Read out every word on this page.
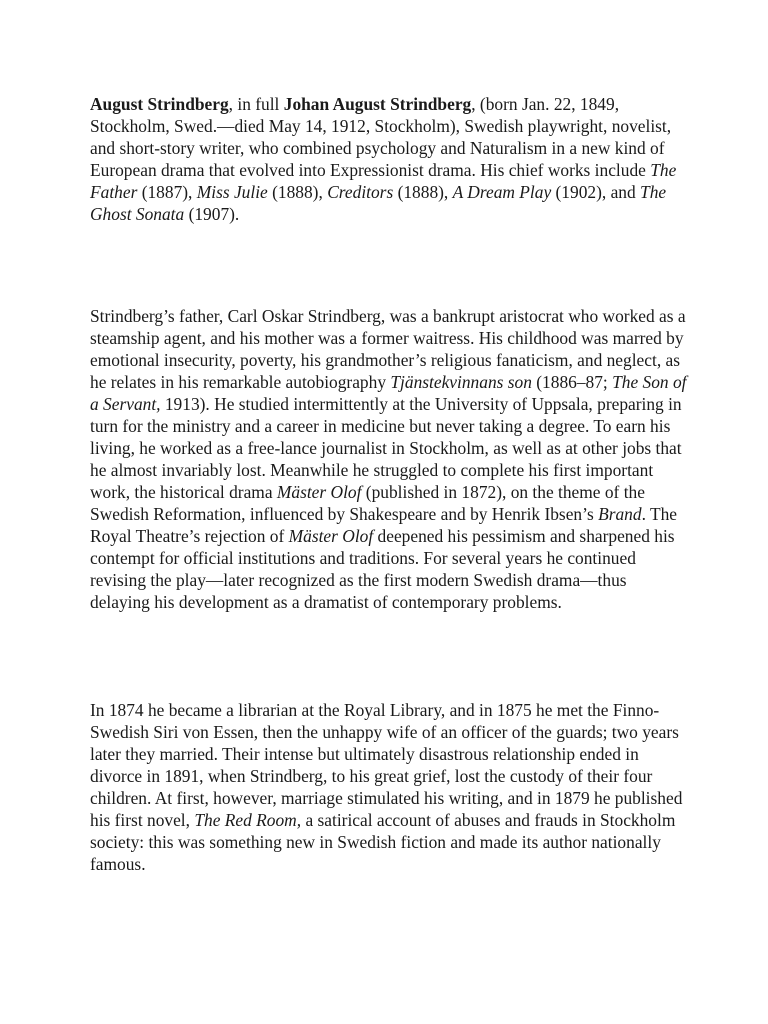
August Strindberg, in full Johan August Strindberg, (born Jan. 22, 1849, Stockholm, Swed.—died May 14, 1912, Stockholm), Swedish playwright, novelist, and short-story writer, who combined psychology and Naturalism in a new kind of European drama that evolved into Expressionist drama. His chief works include The Father (1887), Miss Julie (1888), Creditors (1888), A Dream Play (1902), and The Ghost Sonata (1907).

Strindberg’s father, Carl Oskar Strindberg, was a bankrupt aristocrat who worked as a steamship agent, and his mother was a former waitress. His childhood was marred by emotional insecurity, poverty, his grandmother’s religious fanaticism, and neglect, as he relates in his remarkable autobiography Tjänstekvinnans son (1886–87; The Son of a Servant, 1913). He studied intermittently at the University of Uppsala, preparing in turn for the ministry and a career in medicine but never taking a degree. To earn his living, he worked as a free-lance journalist in Stockholm, as well as at other jobs that he almost invariably lost. Meanwhile he struggled to complete his first important work, the historical drama Mäster Olof (published in 1872), on the theme of the Swedish Reformation, influenced by Shakespeare and by Henrik Ibsen’s Brand. The Royal Theatre’s rejection of Mäster Olof deepened his pessimism and sharpened his contempt for official institutions and traditions. For several years he continued revising the play—later recognized as the first modern Swedish drama—thus delaying his development as a dramatist of contemporary problems.

In 1874 he became a librarian at the Royal Library, and in 1875 he met the Finno-Swedish Siri von Essen, then the unhappy wife of an officer of the guards; two years later they married. Their intense but ultimately disastrous relationship ended in divorce in 1891, when Strindberg, to his great grief, lost the custody of their four children. At first, however, marriage stimulated his writing, and in 1879 he published his first novel, The Red Room, a satirical account of abuses and frauds in Stockholm society: this was something new in Swedish fiction and made its author nationally famous.
